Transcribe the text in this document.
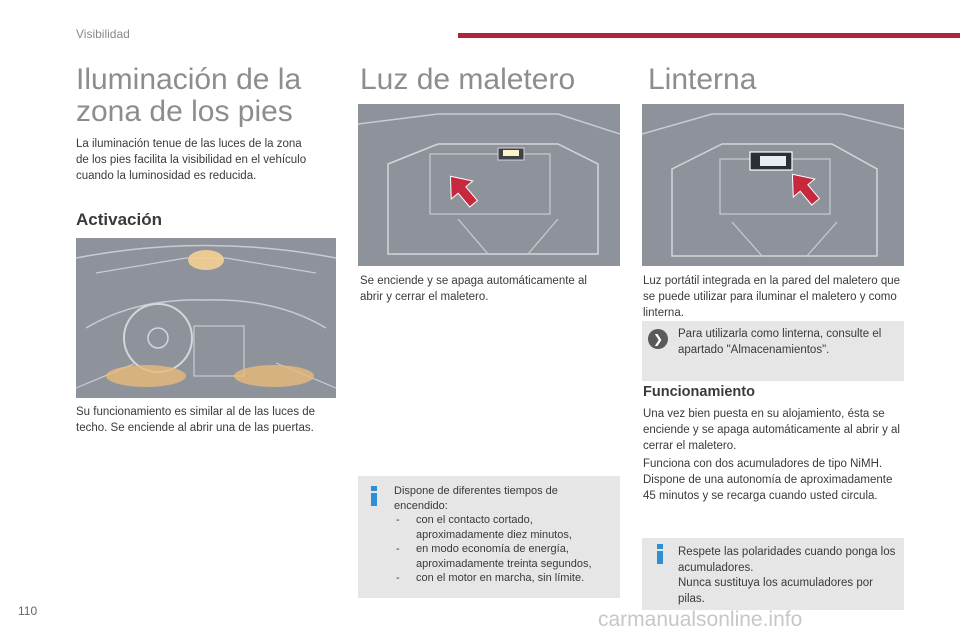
Visibilidad
Iluminación de la
zona de los pies

La iluminación tenue de las luces de la zona de los pies facilita la visibilidad en el vehículo cuando la luminosidad es reducida.

Activación

Su funcionamiento es similar al de las luces de techo. Se enciende al abrir una de las puertas.

Luz de maletero

Se enciende y se apaga automáticamente al abrir y cerrar el maletero.

Dispone de diferentes tiempos de encendido:

- con el contacto cortado, aproximadamente diez minutos,
- en modo economía de energía, aproximadamente treinta segundos,
- con el motor en marcha, sin límite.
Linterna

Luz portátil integrada en la pared del maletero que se puede utilizar para iluminar el maletero y como linterna.

❯	Para utilizarla como linterna, consulte el apartado "Almacenamientos".

Funcionamiento

Una vez bien puesta en su alojamiento, ésta se enciende y se apaga automáticamente al abrir y al cerrar el maletero.

Funciona con dos acumuladores de tipo NiMH. Dispone de una autonomía de aproximadamente 45 minutos y se recarga cuando usted circula.

Respete las polaridades cuando ponga los acumuladores.

Nunca sustituya los acumuladores por pilas.

110	carmanualsonline.info
